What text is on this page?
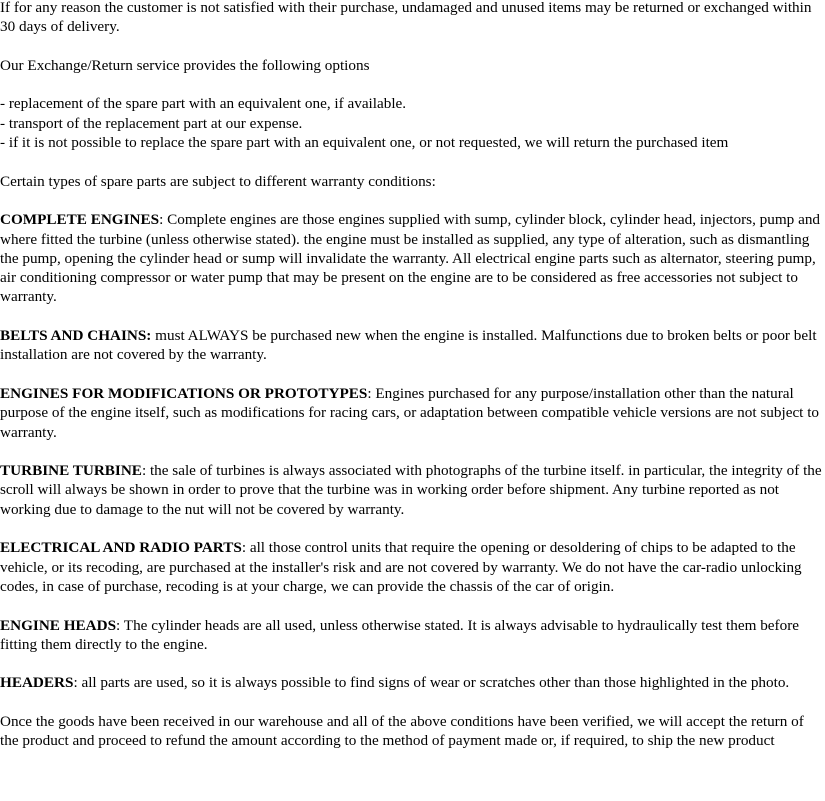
If for any reason the customer is not satisfied with their purchase, undamaged and unused items may be returned or exchanged within 30 days of delivery.

Our Exchange/Return service provides the following options

- replacement of the spare part with an equivalent one, if available.

- transport of the replacement part at our expense.

- if it is not possible to replace the spare part with an equivalent one, or not requested, we will return the purchased item

Certain types of spare parts are subject to different warranty conditions:

COMPLETE ENGINES: Complete engines are those engines supplied with sump, cylinder block, cylinder head, injectors, pump and where fitted the turbine (unless otherwise stated). the engine must be installed as supplied, any type of alteration, such as dismantling the pump, opening the cylinder head or sump will invalidate the warranty. All electrical engine parts such as alternator, steering pump, air conditioning compressor or water pump that may be present on the engine are to be considered as free accessories not subject to warranty.

BELTS AND CHAINS: must ALWAYS be purchased new when the engine is installed. Malfunctions due to broken belts or poor belt installation are not covered by the warranty.

ENGINES FOR MODIFICATIONS OR PROTOTYPES: Engines purchased for any purpose/installation other than the natural purpose of the engine itself, such as modifications for racing cars, or adaptation between compatible vehicle versions are not subject to warranty.

TURBINE TURBINE: the sale of turbines is always associated with photographs of the turbine itself. in particular, the integrity of the scroll will always be shown in order to prove that the turbine was in working order before shipment. Any turbine reported as not working due to damage to the nut will not be covered by warranty.

ELECTRICAL AND RADIO PARTS: all those control units that require the opening or desoldering of chips to be adapted to the vehicle, or its recoding, are purchased at the installer's risk and are not covered by warranty. We do not have the car-radio unlocking codes, in case of purchase, recoding is at your charge, we can provide the chassis of the car of origin.

ENGINE HEADS: The cylinder heads are all used, unless otherwise stated. It is always advisable to hydraulically test them before fitting them directly to the engine.

HEADERS: all parts are used, so it is always possible to find signs of wear or scratches other than those highlighted in the photo.

Once the goods have been received in our warehouse and all of the above conditions have been verified, we will accept the return of the product and proceed to refund the amount according to the method of payment made or, if required, to ship the new product
